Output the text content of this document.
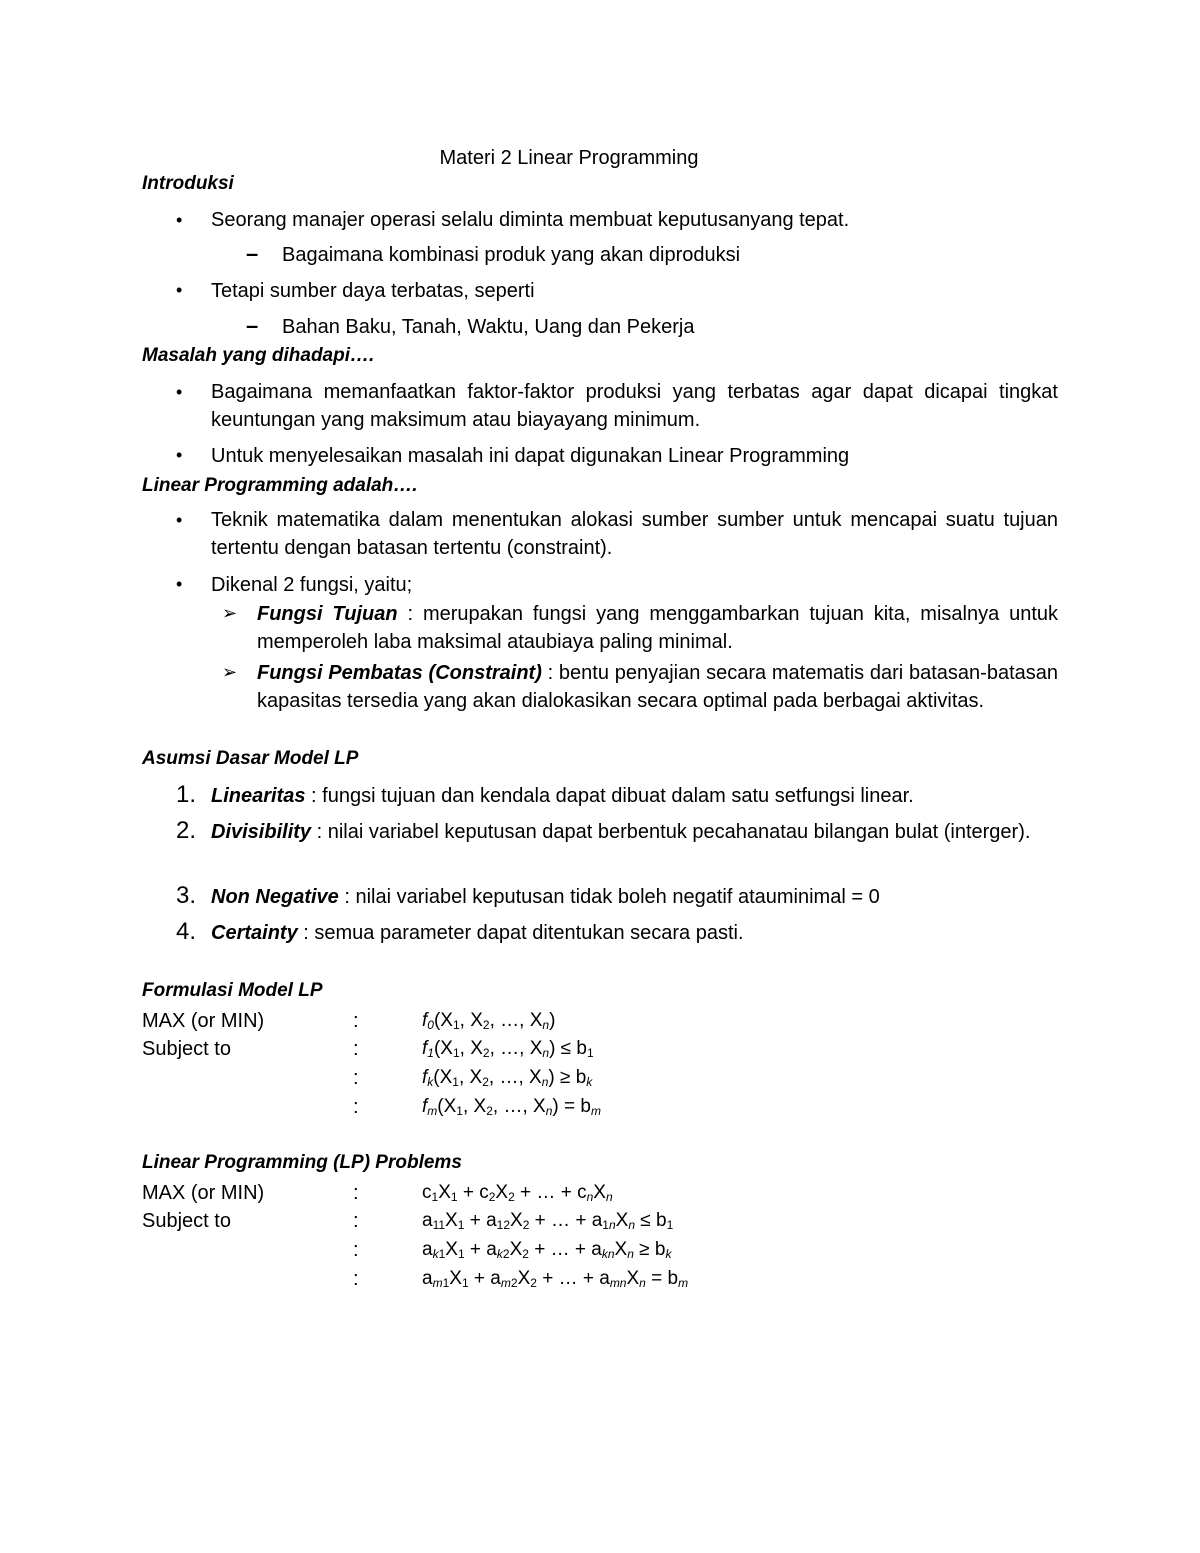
Materi 2 Linear Programming
Introduksi
• Seorang manajer operasi selalu diminta membuat keputusanyang tepat.
– Bagaimana kombinasi produk yang akan diproduksi
• Tetapi sumber daya terbatas, seperti
– Bahan Baku, Tanah, Waktu, Uang dan Pekerja
Masalah yang dihadapi….
• Bagaimana memanfaatkan faktor-faktor produksi yang terbatas agar dapat dicapai tingkat keuntungan yang maksimum atau biayayang minimum.
• Untuk menyelesaikan masalah ini dapat digunakan Linear Programming
Linear Programming adalah….
• Teknik matematika dalam menentukan alokasi sumber sumber untuk mencapai suatu tujuan tertentu dengan batasan tertentu (constraint).
• Dikenal 2 fungsi, yaitu;
➢ Fungsi Tujuan : merupakan fungsi yang menggambarkan tujuan kita, misalnya untuk memperoleh laba maksimal ataubiaya paling minimal.
➢ Fungsi Pembatas (Constraint) : bentu penyajian secara matematis dari batasan-batasan kapasitas tersedia yang akan dialokasikan secara optimal pada berbagai aktivitas.
Asumsi Dasar Model LP
1. Linearitas : fungsi tujuan dan kendala dapat dibuat dalam satu setfungsi linear.
2. Divisibility : nilai variabel keputusan dapat berbentuk pecahanatau bilangan bulat (interger).
3. Non Negative : nilai variabel keputusan tidak boleh negatif atauminimal = 0
4. Certainty : semua parameter dapat ditentukan secara pasti.
Formulasi Model LP
MAX (or MIN)	:	$f_0(X_1$, $X_2$, …, $X_n$)
Subject to	:	$f_1(X_1$, $X_2$, …, $X_n) \le b_1$
:	$f_k(X_1$, $X_2$, …, $X_n) \ge b_k$
:	$f_m(X_1$, $X_2$, …, $X_n) = b_m$
Linear Programming (LP) Problems
MAX (or MIN)	:	$c_1X_1 + c_2X_2$ + … + $c_nX_n$
Subject to	:	$a_{11}X_1 + a_{12}X_2$ + … + $a_{1n}X_n \le b_1$
:	$a_{k1}X_1 + a_{k2}X_2$ + … + $a_{kn}X_n \ge b_k$
:	$a_{m1}X_1 + a_{m2}X_2$ + … + $a_{mn}X_n = b_m$
